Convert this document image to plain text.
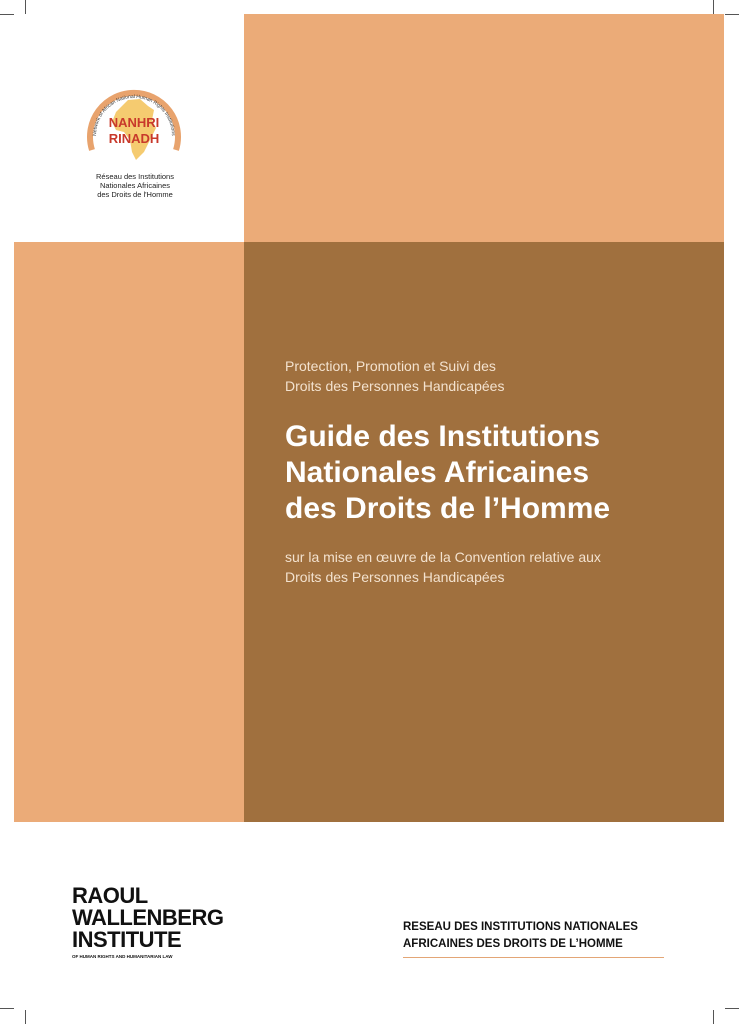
Network of African National Human Rights Institutions
NANHRI
RINADH
Réseau des Institutions
Nationales Africaines
des Droits de l'Homme
Protection, Promotion et Suivi des
Droits des Personnes Handicapées
Guide des Institutions
Nationales Africaines
des Droits de l’Homme
sur la mise en œuvre de la Convention relative aux
Droits des Personnes Handicapées
RAOUL
WALLENBERG
INSTITUTE
OF HUMAN RIGHTS AND HUMANITARIAN LAW
RESEAU DES INSTITUTIONS NATIONALES
AFRICAINES DES DROITS DE L’HOMME
